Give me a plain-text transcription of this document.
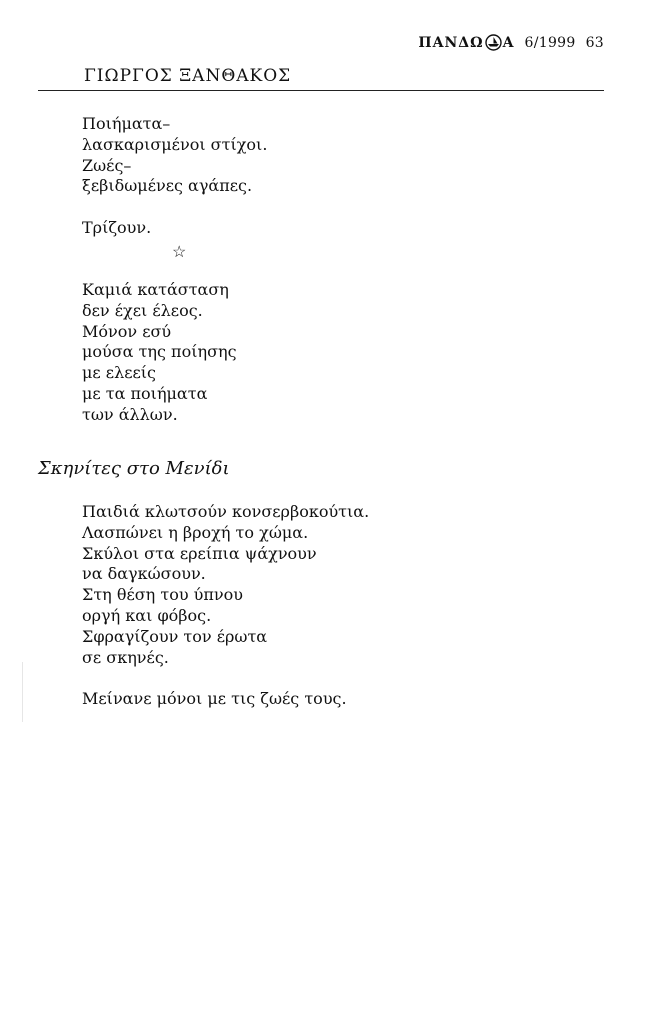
ΠΑΝΔΩ Α 6/1999 63
ΓΙΩΡΓΟΣ ΞΑΝΘΑΚΟΣ
Ποιήματα–
λασκαρισμένοι στίχοι.
Ζωές–
ξεβιδωμένες αγάπες.
Τρίζουν.
☆
Καμιά κατάσταση
δεν έχει έλεος.
Μόνον εσύ
μούσα της ποίησης
με ελεείς
με τα ποιήματα
των άλλων.
Σκηνίτες στο Μενίδι
Παιδιά κλωτσούν κονσερβοκούτια.
Λασπώνει η βροχή το χώμα.
Σκύλοι στα ερείπια ψάχνουν
να δαγκώσουν.
Στη θέση του ύπνου
οργή και φόβος.
Σφραγίζουν τον έρωτα
σε σκηνές.
Μείνανε μόνοι με τις ζωές τους.
